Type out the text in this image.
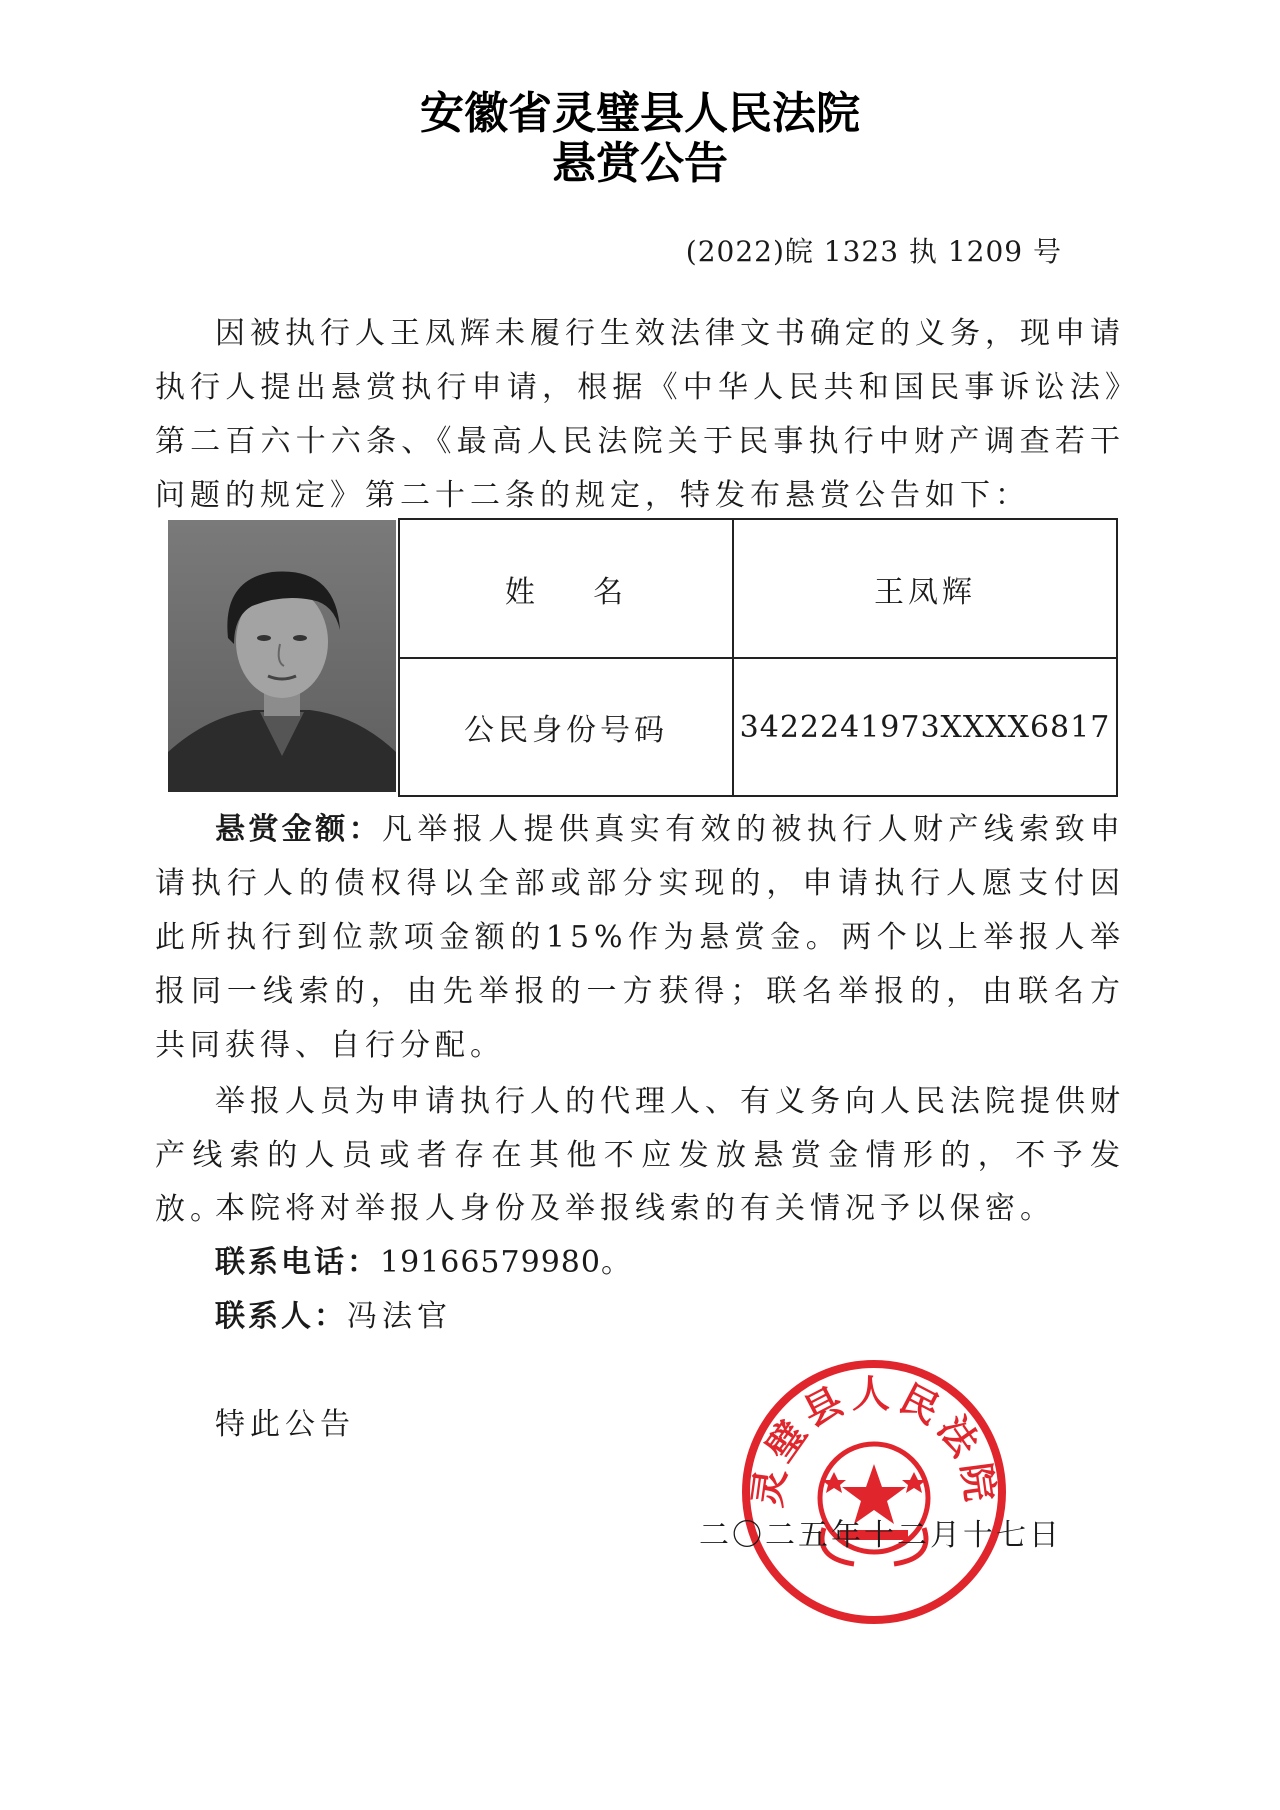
安徽省灵璧县人民法院
悬赏公告
(2022)皖 1323 执 1209 号

因被执行人王凤辉未履行生效法律文书确定的义务，现申请执行人提出悬赏执行申请，根据《中华人民共和国民事诉讼法》第二百六十六条、《最高人民法院关于民事执行中财产调查若干问题的规定》第二十二条的规定，特发布悬赏公告如下：

姓    名	王凤辉
公民身份号码	3422241973XXXX6817

悬赏金额：凡举报人提供真实有效的被执行人财产线索致申请执行人的债权得以全部或部分实现的，申请执行人愿支付因此所执行到位款项金额的15%作为悬赏金。两个以上举报人举报同一线索的，由先举报的一方获得；联名举报的，由联名方共同获得、自行分配。

举报人员为申请执行人的代理人、有义务向人民法院提供财产线索的人员或者存在其他不应发放悬赏金情形的，不予发放。

本院将对举报人身份及举报线索的有关情况予以保密。

联系电话：19166579980。

联系人：冯法官

特此公告

灵璧县人民法院
二〇二五年十二月十七日
